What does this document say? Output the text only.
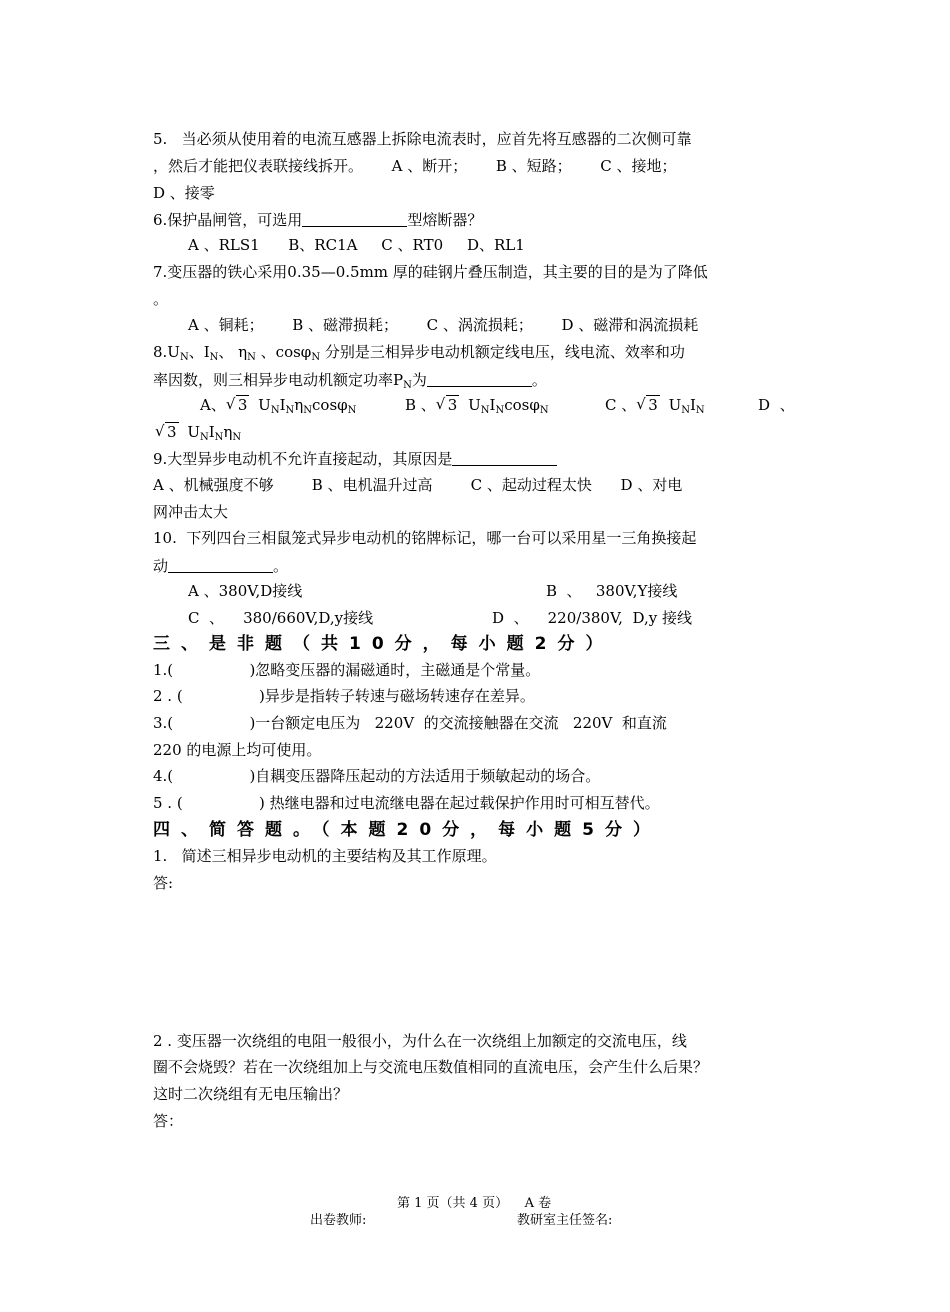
5.   当必须从使用着的电流互感器上拆除电流表时，应首先将互感器的二次侧可靠
，然后才能把仪表联接线拆开。      A 、断开；      B 、短路；      C 、接地；
D 、接零
6.保护晶闸管，可选用	型熔断器？
A 、RLS1      B、RC1A     C 、RT0     D、RL1
7.变压器的铁心采用0.35—0.5mm 厚的硅钢片叠压制造，其主要的目的是为了降低
。
A 、铜耗；      B 、磁滞损耗；      C 、涡流损耗；      D 、磁滞和涡流损耗
$8.U_N$、$I_N$、 $\eta_N$ 、cosφ$_N$ 分别是三相异步电动机额定线电压，线电流、效率和功
率因数，则三相异步电动机额定功率$P_N$为	。
A、 √ 3 $U_NI_N\eta_N\cos\varphi_N$	B 、 √ 3 $U_NI_N\cos\varphi_N$	C 、 √ 3 $U_NI_N$	D  、
√ 3 $U_NI_N\eta_N$
9.大型异步电动机不允许直接起动，其原因是
A 、机械强度不够        B 、电机温升过高        C 、起动过程太快      D 、对电
网冲击太大
10.  下列四台三相鼠笼式异步电动机的铭牌标记，哪一台可以采用星一三角换接起
动	。
A 、380V,D接线	B  、   380V,Y接线
C  、    380/660V,D,y接线	D  、    220/380V,  D,y 接线
三、是非题（共10分，每小题2分）
1.(                )忽略变压器的漏磁通时，主磁通是个常量。
2 . (                )异步是指转子转速与磁场转速存在差异。
3.(                )一台额定电压为   220V  的交流接触器在交流   220V  和直流
220 的电源上均可使用。
4.(                )自耦变压器降压起动的方法适用于频敏起动的场合。
5 . (                ) 热继电器和过电流继电器在起过载保护作用时可相互替代。
四、简答题。（本题20分，每小题5分）
1.   简述三相异步电动机的主要结构及其工作原理。
答:
2 . 变压器一次绕组的电阻一般很小，为什么在一次绕组上加额定的交流电压，线
圈不会烧毁？若在一次绕组加上与交流电压数值相同的直流电压，会产生什么后果？
这时二次绕组有无电压输出？
答：
第 1 页（共 4 页）    A 卷
出卷教师:	教研室主任签名:
